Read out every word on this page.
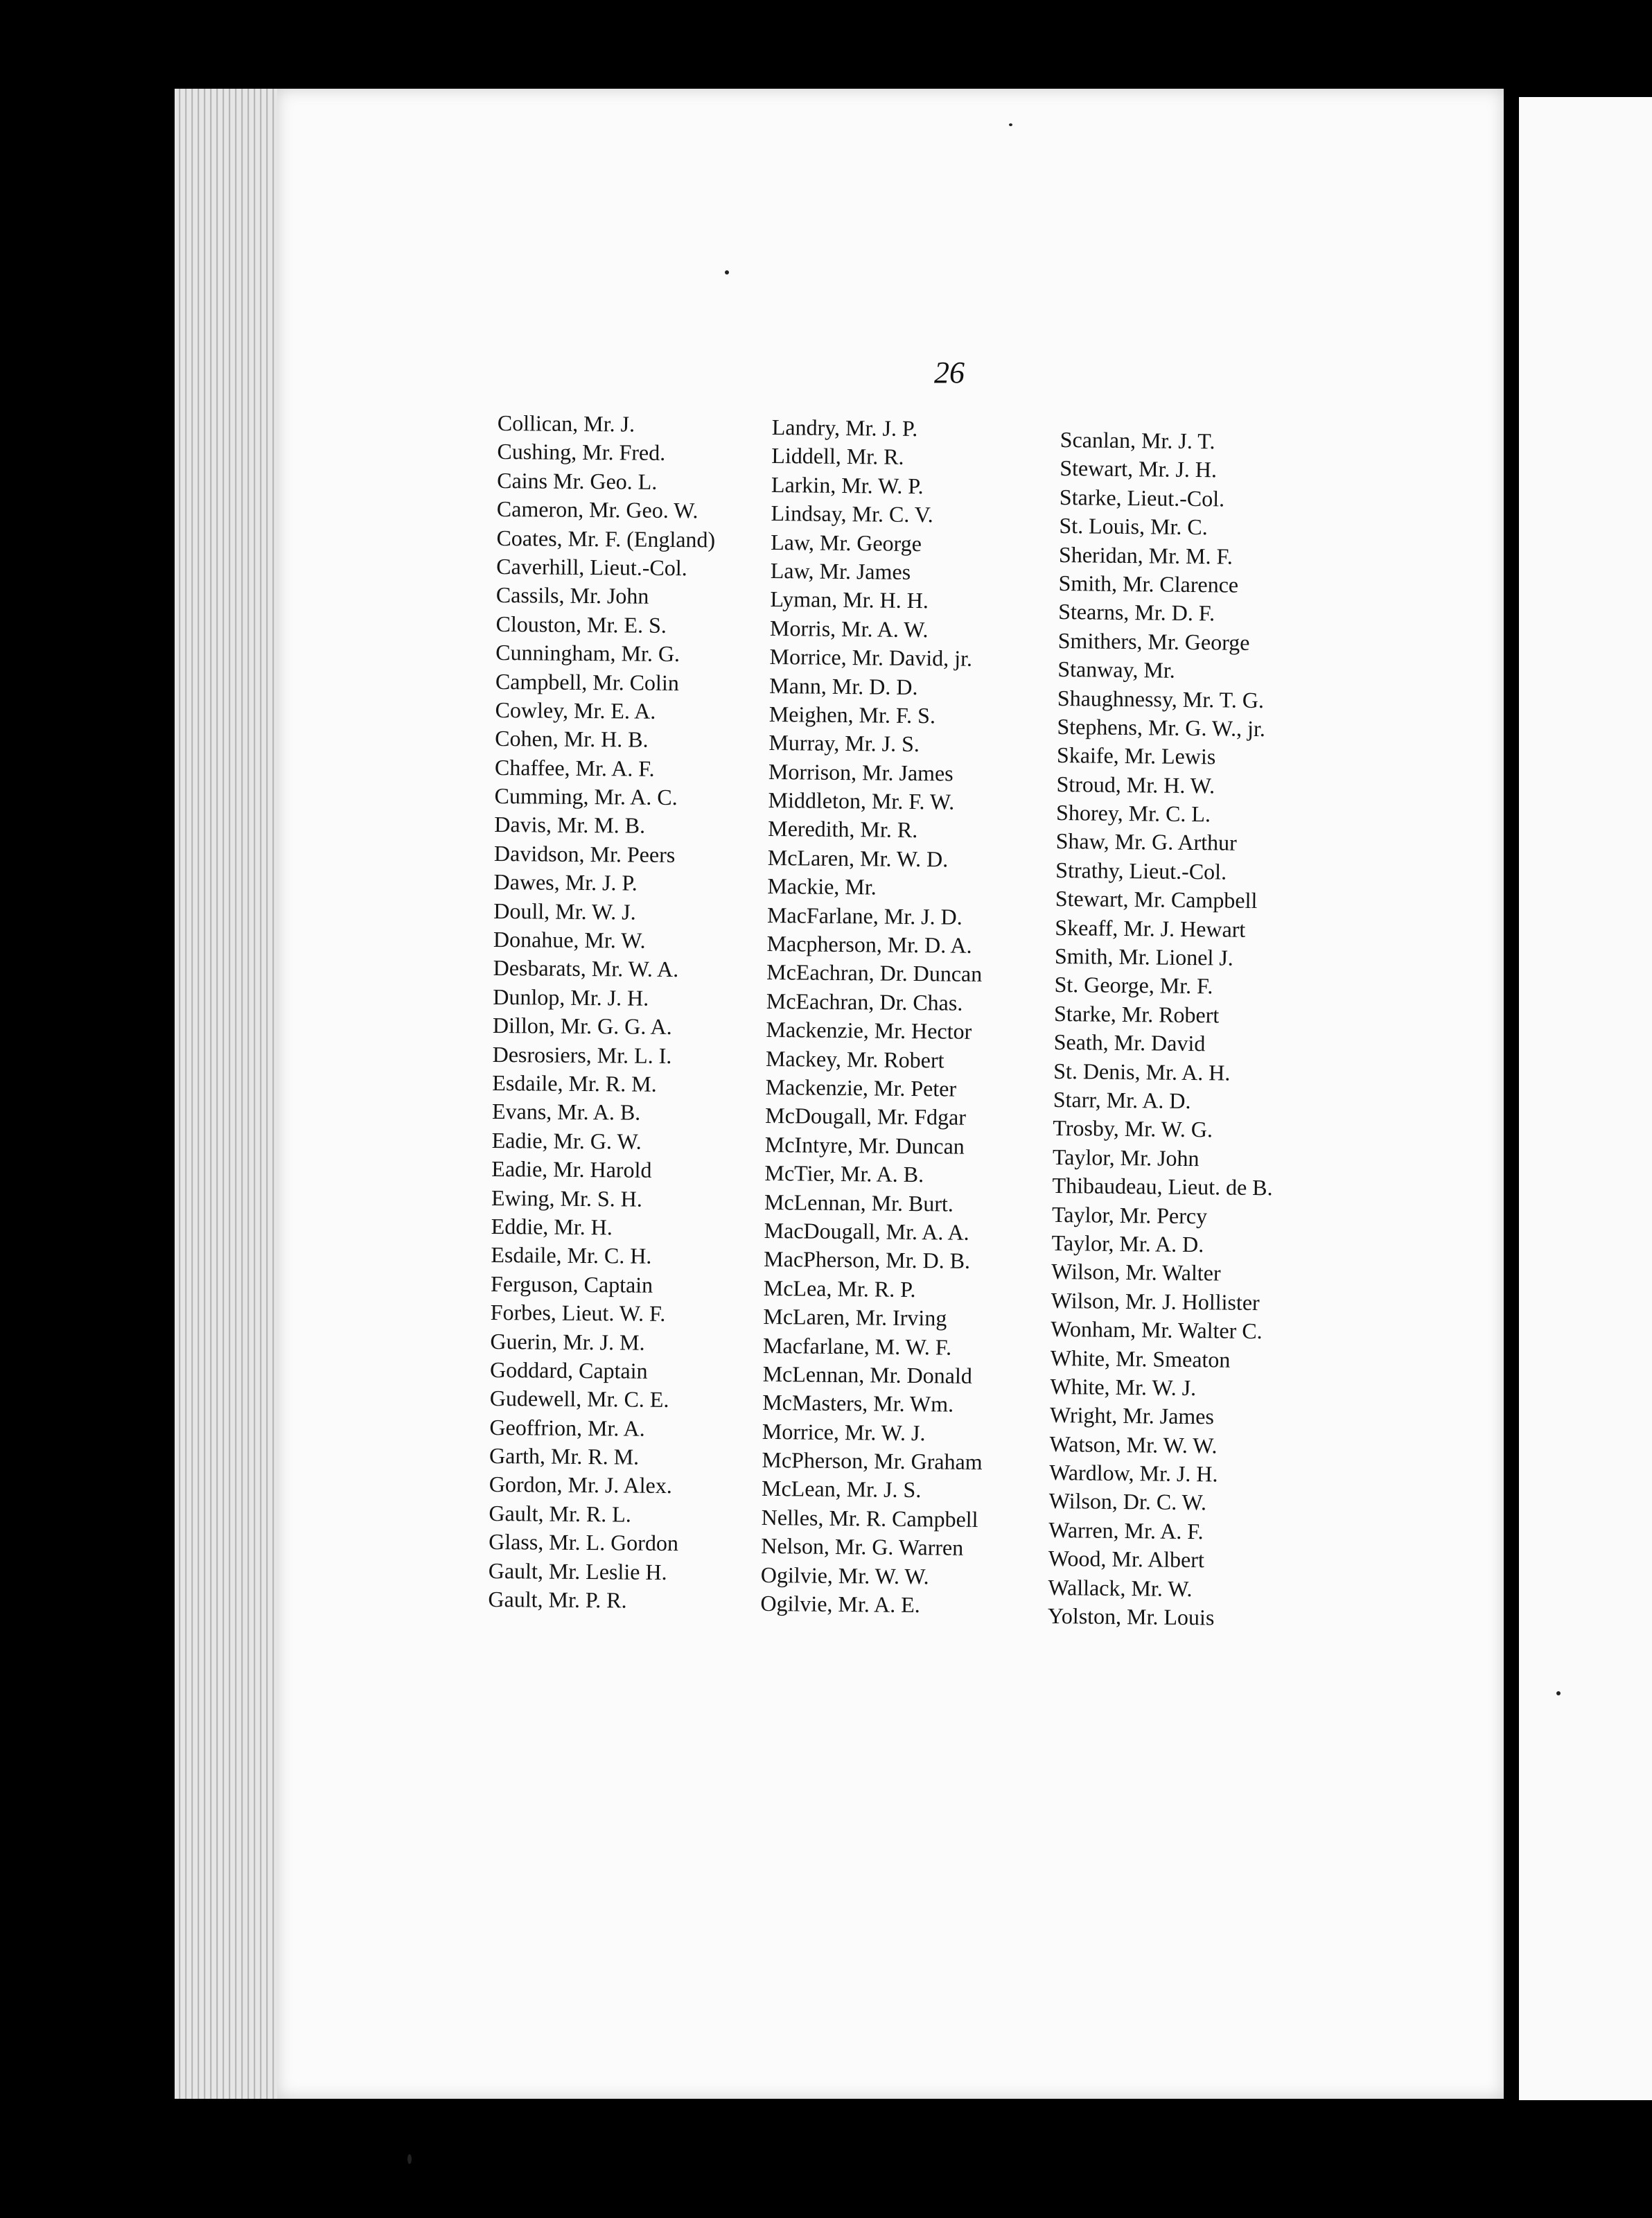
26
Collican, Mr. J.
Cushing, Mr. Fred.
Cains Mr. Geo. L.
Cameron, Mr. Geo. W.
Coates, Mr. F. (England)
Caverhill, Lieut.-Col.
Cassils, Mr. John
Clouston, Mr. E. S.
Cunningham, Mr. G.
Campbell, Mr. Colin
Cowley, Mr. E. A.
Cohen, Mr. H. B.
Chaffee, Mr. A. F.
Cumming, Mr. A. C.
Davis, Mr. M. B.
Davidson, Mr. Peers
Dawes, Mr. J. P.
Doull, Mr. W. J.
Donahue, Mr. W.
Desbarats, Mr. W. A.
Dunlop, Mr. J. H.
Dillon, Mr. G. G. A.
Desrosiers, Mr. L. I.
Esdaile, Mr. R. M.
Evans, Mr. A. B.
Eadie, Mr. G. W.
Eadie, Mr. Harold
Ewing, Mr. S. H.
Eddie, Mr. H.
Esdaile, Mr. C. H.
Ferguson, Captain
Forbes, Lieut. W. F.
Guerin, Mr. J. M.
Goddard, Captain
Gudewell, Mr. C. E.
Geoffrion, Mr. A.
Garth, Mr. R. M.
Gordon, Mr. J. Alex.
Gault, Mr. R. L.
Glass, Mr. L. Gordon
Gault, Mr. Leslie H.
Gault, Mr. P. R.
Landry, Mr. J. P.
Liddell, Mr. R.
Larkin, Mr. W. P.
Lindsay, Mr. C. V.
Law, Mr. George
Law, Mr. James
Lyman, Mr. H. H.
Morris, Mr. A. W.
Morrice, Mr. David, jr.
Mann, Mr. D. D.
Meighen, Mr. F. S.
Murray, Mr. J. S.
Morrison, Mr. James
Middleton, Mr. F. W.
Meredith, Mr. R.
McLaren, Mr. W. D.
Mackie, Mr.
MacFarlane, Mr. J. D.
Macpherson, Mr. D. A.
McEachran, Dr. Duncan
McEachran, Dr. Chas.
Mackenzie, Mr. Hector
Mackey, Mr. Robert
Mackenzie, Mr. Peter
McDougall, Mr. Fdgar
McIntyre, Mr. Duncan
McTier, Mr. A. B.
McLennan, Mr. Burt.
MacDougall, Mr. A. A.
MacPherson, Mr. D. B.
McLea, Mr. R. P.
McLaren, Mr. Irving
Macfarlane, M. W. F.
McLennan, Mr. Donald
McMasters, Mr. Wm.
Morrice, Mr. W. J.
McPherson, Mr. Graham
McLean, Mr. J. S.
Nelles, Mr. R. Campbell
Nelson, Mr. G. Warren
Ogilvie, Mr. W. W.
Ogilvie, Mr. A. E.
Scanlan, Mr. J. T.
Stewart, Mr. J. H.
Starke, Lieut.-Col.
St. Louis, Mr. C.
Sheridan, Mr. M. F.
Smith, Mr. Clarence
Stearns, Mr. D. F.
Smithers, Mr. George
Stanway, Mr.
Shaughnessy, Mr. T. G.
Stephens, Mr. G. W., jr.
Skaife, Mr. Lewis
Stroud, Mr. H. W.
Shorey, Mr. C. L.
Shaw, Mr. G. Arthur
Strathy, Lieut.-Col.
Stewart, Mr. Campbell
Skeaff, Mr. J. Hewart
Smith, Mr. Lionel J.
St. George, Mr. F.
Starke, Mr. Robert
Seath, Mr. David
St. Denis, Mr. A. H.
Starr, Mr. A. D.
Trosby, Mr. W. G.
Taylor, Mr. John
Thibaudeau, Lieut. de B.
Taylor, Mr. Percy
Taylor, Mr. A. D.
Wilson, Mr. Walter
Wilson, Mr. J. Hollister
Wonham, Mr. Walter C.
White, Mr. Smeaton
White, Mr. W. J.
Wright, Mr. James
Watson, Mr. W. W.
Wardlow, Mr. J. H.
Wilson, Dr. C. W.
Warren, Mr. A. F.
Wood, Mr. Albert
Wallack, Mr. W.
Yolston, Mr. Louis
